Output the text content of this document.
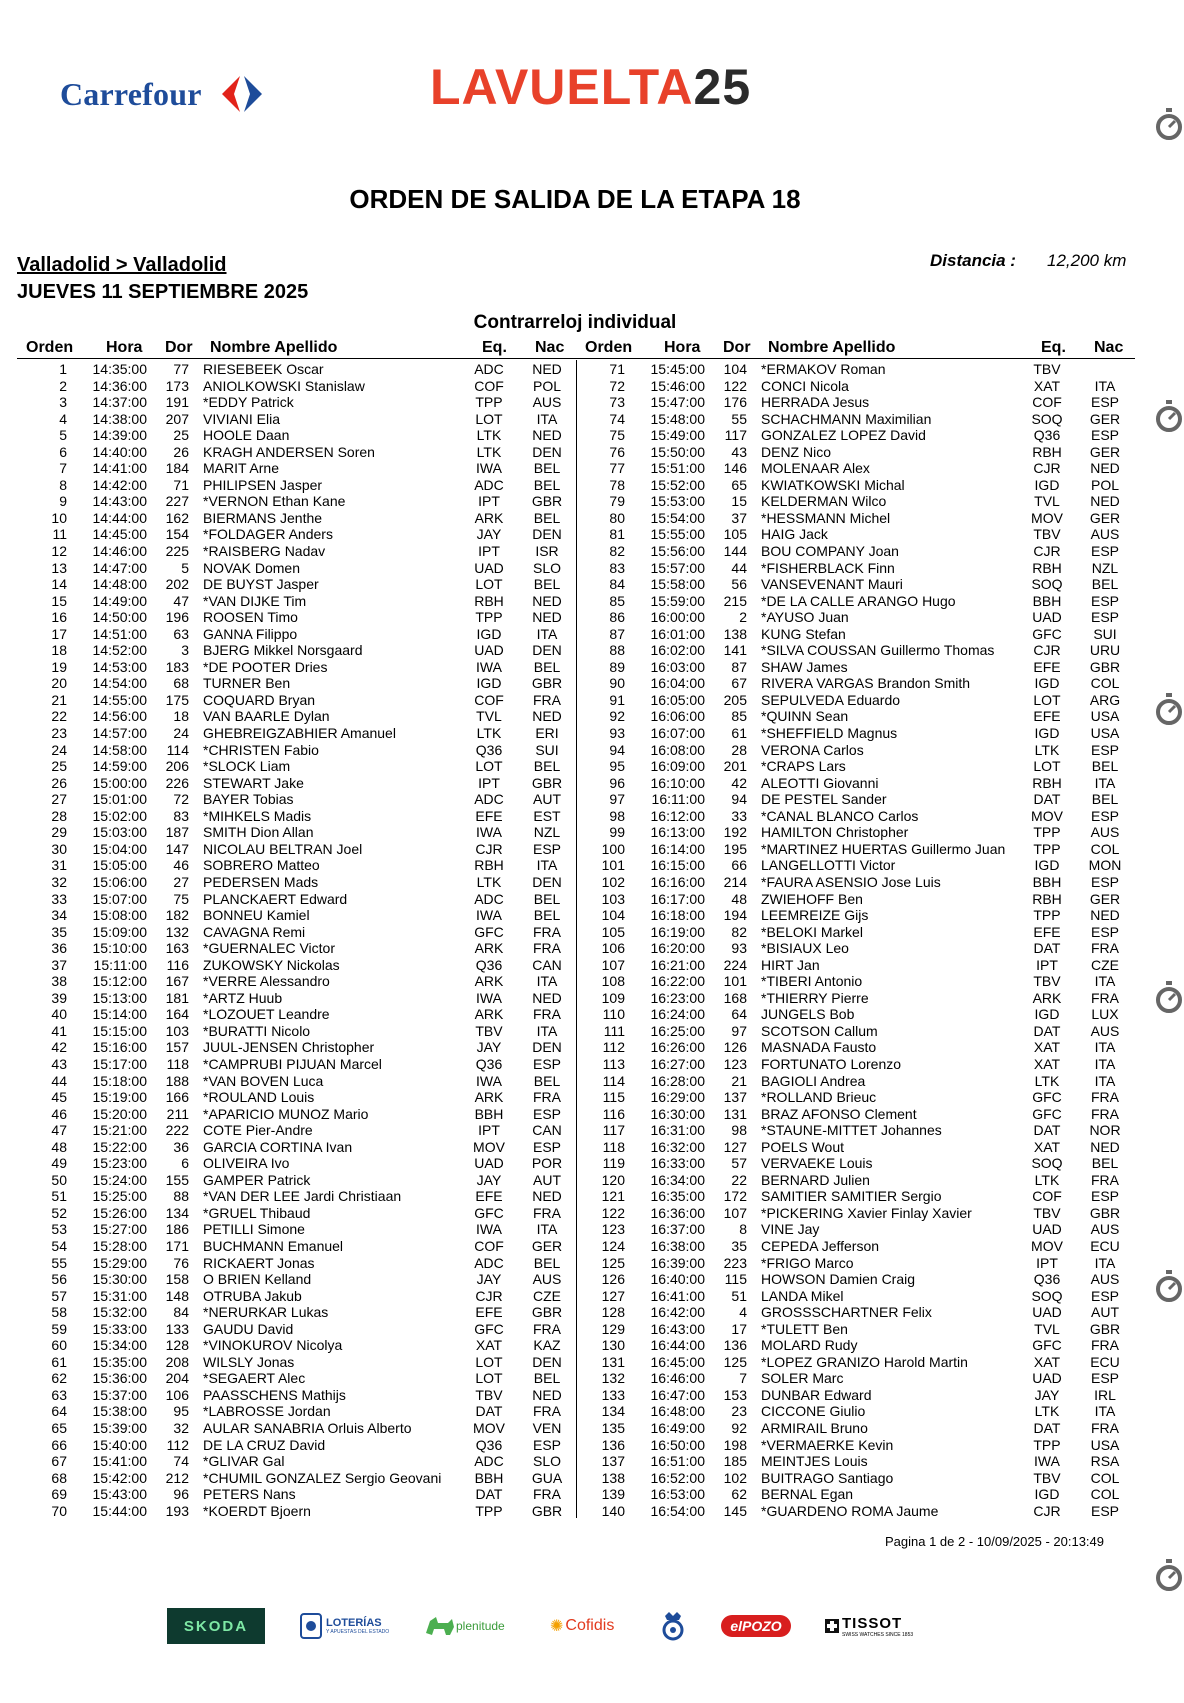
Carrefour	LAVUELTA25
ORDEN DE SALIDA DE LA ETAPA 18
Valladolid > Valladolid
JUEVES 11 SEPTIEMBRE 2025
Distancia : 12,200 km
Contrarreloj individual
Orden Hora Dor Nombre Apellido	Eq. Nac Orden Hora Dor Nombre Apellido	Eq. Nac
1	14:35:00	77 RIESEBEEK Oscar	ADC	NED
2	14:36:00	173 ANIOLKOWSKI Stanislaw	COF	POL
3	14:37:00	191 *EDDY Patrick	TPP	AUS
4	14:38:00	207 VIVIANI Elia	LOT	ITA
5	14:39:00	25 HOOLE Daan	LTK	NED
6	14:40:00	26 KRAGH ANDERSEN Soren	LTK	DEN
7	14:41:00	184 MARIT Arne	IWA	BEL
8	14:42:00	71 PHILIPSEN Jasper	ADC	BEL
9	14:43:00	227 *VERNON Ethan Kane	IPT	GBR
10	14:44:00	162 BIERMANS Jenthe	ARK	BEL
11	14:45:00	154 *FOLDAGER Anders	JAY	DEN
12	14:46:00	225 *RAISBERG Nadav	IPT	ISR
13	14:47:00	5 NOVAK Domen	UAD	SLO
14	14:48:00	202 DE BUYST Jasper	LOT	BEL
15	14:49:00	47 *VAN DIJKE Tim	RBH	NED
16	14:50:00	196 ROOSEN Timo	TPP	NED
17	14:51:00	63 GANNA Filippo	IGD	ITA
18	14:52:00	3 BJERG Mikkel Norsgaard	UAD	DEN
19	14:53:00	183 *DE POOTER Dries	IWA	BEL
20	14:54:00	68 TURNER Ben	IGD	GBR
21	14:55:00	175 COQUARD Bryan	COF	FRA
22	14:56:00	18 VAN BAARLE Dylan	TVL	NED
23	14:57:00	24 GHEBREIGZABHIER Amanuel	LTK	ERI
24	14:58:00	114 *CHRISTEN Fabio	Q36	SUI
25	14:59:00	206 *SLOCK Liam	LOT	BEL
26	15:00:00	226 STEWART Jake	IPT	GBR
27	15:01:00	72 BAYER Tobias	ADC	AUT
28	15:02:00	83 *MIHKELS Madis	EFE	EST
29	15:03:00	187 SMITH Dion Allan	IWA	NZL
30	15:04:00	147 NICOLAU BELTRAN Joel	CJR	ESP
31	15:05:00	46 SOBRERO Matteo	RBH	ITA
32	15:06:00	27 PEDERSEN Mads	LTK	DEN
33	15:07:00	75 PLANCKAERT Edward	ADC	BEL
34	15:08:00	182 BONNEU Kamiel	IWA	BEL
35	15:09:00	132 CAVAGNA Remi	GFC	FRA
36	15:10:00	163 *GUERNALEC Victor	ARK	FRA
37	15:11:00	116 ZUKOWSKY Nickolas	Q36	CAN
38	15:12:00	167 *VERRE Alessandro	ARK	ITA
39	15:13:00	181 *ARTZ Huub	IWA	NED
40	15:14:00	164 *LOZOUET Leandre	ARK	FRA
41	15:15:00	103 *BURATTI Nicolo	TBV	ITA
42	15:16:00	157 JUUL-JENSEN Christopher	JAY	DEN
43	15:17:00	118 *CAMPRUBI PIJUAN Marcel	Q36	ESP
44	15:18:00	188 *VAN BOVEN Luca	IWA	BEL
45	15:19:00	166 *ROULAND Louis	ARK	FRA
46	15:20:00	211 *APARICIO MUNOZ Mario	BBH	ESP
47	15:21:00	222 COTE Pier-Andre	IPT	CAN
48	15:22:00	36 GARCIA CORTINA Ivan	MOV	ESP
49	15:23:00	6 OLIVEIRA Ivo	UAD	POR
50	15:24:00	155 GAMPER Patrick	JAY	AUT
51	15:25:00	88 *VAN DER LEE Jardi Christiaan	EFE	NED
52	15:26:00	134 *GRUEL Thibaud	GFC	FRA
53	15:27:00	186 PETILLI Simone	IWA	ITA
54	15:28:00	171 BUCHMANN Emanuel	COF	GER
55	15:29:00	76 RICKAERT Jonas	ADC	BEL
56	15:30:00	158 O BRIEN Kelland	JAY	AUS
57	15:31:00	148 OTRUBA Jakub	CJR	CZE
58	15:32:00	84 *NERURKAR Lukas	EFE	GBR
59	15:33:00	133 GAUDU David	GFC	FRA
60	15:34:00	128 *VINOKUROV Nicolya	XAT	KAZ
61	15:35:00	208 WILSLY Jonas	LOT	DEN
62	15:36:00	204 *SEGAERT Alec	LOT	BEL
63	15:37:00	106 PAASSCHENS Mathijs	TBV	NED
64	15:38:00	95 *LABROSSE Jordan	DAT	FRA
65	15:39:00	32 AULAR SANABRIA Orluis Alberto	MOV	VEN
66	15:40:00	112 DE LA CRUZ David	Q36	ESP
67	15:41:00	74 *GLIVAR Gal	ADC	SLO
68	15:42:00	212 *CHUMIL GONZALEZ Sergio Geovani	BBH	GUA
69	15:43:00	96 PETERS Nans	DAT	FRA
70	15:44:00	193 *KOERDT Bjoern	TPP	GBR
71	15:45:00	104 *ERMAKOV Roman	TBV
72	15:46:00	122 CONCI Nicola	XAT	ITA
73	15:47:00	176 HERRADA Jesus	COF	ESP
74	15:48:00	55 SCHACHMANN Maximilian	SOQ	GER
75	15:49:00	117 GONZALEZ LOPEZ David	Q36	ESP
76	15:50:00	43 DENZ Nico	RBH	GER
77	15:51:00	146 MOLENAAR Alex	CJR	NED
78	15:52:00	65 KWIATKOWSKI Michal	IGD	POL
79	15:53:00	15 KELDERMAN Wilco	TVL	NED
80	15:54:00	37 *HESSMANN Michel	MOV	GER
81	15:55:00	105 HAIG Jack	TBV	AUS
82	15:56:00	144 BOU COMPANY Joan	CJR	ESP
83	15:57:00	44 *FISHERBLACK Finn	RBH	NZL
84	15:58:00	56 VANSEVENANT Mauri	SOQ	BEL
85	15:59:00	215 *DE LA CALLE ARANGO Hugo	BBH	ESP
86	16:00:00	2 *AYUSO Juan	UAD	ESP
87	16:01:00	138 KUNG Stefan	GFC	SUI
88	16:02:00	141 *SILVA COUSSAN Guillermo Thomas	CJR	URU
89	16:03:00	87 SHAW James	EFE	GBR
90	16:04:00	67 RIVERA VARGAS Brandon Smith	IGD	COL
91	16:05:00	205 SEPULVEDA Eduardo	LOT	ARG
92	16:06:00	85 *QUINN Sean	EFE	USA
93	16:07:00	61 *SHEFFIELD Magnus	IGD	USA
94	16:08:00	28 VERONA Carlos	LTK	ESP
95	16:09:00	201 *CRAPS Lars	LOT	BEL
96	16:10:00	42 ALEOTTI Giovanni	RBH	ITA
97	16:11:00	94 DE PESTEL Sander	DAT	BEL
98	16:12:00	33 *CANAL BLANCO Carlos	MOV	ESP
99	16:13:00	192 HAMILTON Christopher	TPP	AUS
100	16:14:00	195 *MARTINEZ HUERTAS Guillermo Juan	TPP	COL
101	16:15:00	66 LANGELLOTTI Victor	IGD	MON
102	16:16:00	214 *FAURA ASENSIO Jose Luis	BBH	ESP
103	16:17:00	48 ZWIEHOFF Ben	RBH	GER
104	16:18:00	194 LEEMREIZE Gijs	TPP	NED
105	16:19:00	82 *BELOKI Markel	EFE	ESP
106	16:20:00	93 *BISIAUX Leo	DAT	FRA
107	16:21:00	224 HIRT Jan	IPT	CZE
108	16:22:00	101 *TIBERI Antonio	TBV	ITA
109	16:23:00	168 *THIERRY Pierre	ARK	FRA
110	16:24:00	64 JUNGELS Bob	IGD	LUX
111	16:25:00	97 SCOTSON Callum	DAT	AUS
112	16:26:00	126 MASNADA Fausto	XAT	ITA
113	16:27:00	123 FORTUNATO Lorenzo	XAT	ITA
114	16:28:00	21 BAGIOLI Andrea	LTK	ITA
115	16:29:00	137 *ROLLAND Brieuc	GFC	FRA
116	16:30:00	131 BRAZ AFONSO Clement	GFC	FRA
117	16:31:00	98 *STAUNE-MITTET Johannes	DAT	NOR
118	16:32:00	127 POELS Wout	XAT	NED
119	16:33:00	57 VERVAEKE Louis	SOQ	BEL
120	16:34:00	22 BERNARD Julien	LTK	FRA
121	16:35:00	172 SAMITIER SAMITIER Sergio	COF	ESP
122	16:36:00	107 *PICKERING Xavier Finlay Xavier	TBV	GBR
123	16:37:00	8 VINE Jay	UAD	AUS
124	16:38:00	35 CEPEDA Jefferson	MOV	ECU
125	16:39:00	223 *FRIGO Marco	IPT	ITA
126	16:40:00	115 HOWSON Damien Craig	Q36	AUS
127	16:41:00	51 LANDA Mikel	SOQ	ESP
128	16:42:00	4 GROSSSCHARTNER Felix	UAD	AUT
129	16:43:00	17 *TULETT Ben	TVL	GBR
130	16:44:00	136 MOLARD Rudy	GFC	FRA
131	16:45:00	125 *LOPEZ GRANIZO Harold Martin	XAT	ECU
132	16:46:00	7 SOLER Marc	UAD	ESP
133	16:47:00	153 DUNBAR Edward	JAY	IRL
134	16:48:00	23 CICCONE Giulio	LTK	ITA
135	16:49:00	92 ARMIRAIL Bruno	DAT	FRA
136	16:50:00	198 *VERMAERKE Kevin	TPP	USA
137	16:51:00	185 MEINTJES Louis	IWA	RSA
138	16:52:00	102 BUITRAGO Santiago	TBV	COL
139	16:53:00	62 BERNAL Egan	IGD	COL
140	16:54:00	145 *GUARDENO ROMA Jaume	CJR	ESP
Pagina 1 de 2 - 10/09/2025 - 20:13:49
SKODA	LOTERÍAS
Y APUESTAS DEL ESTADO	plenitude	✺ Cofidis	elPOZO	TISSOT
SWISS WATCHES SINCE 1853
